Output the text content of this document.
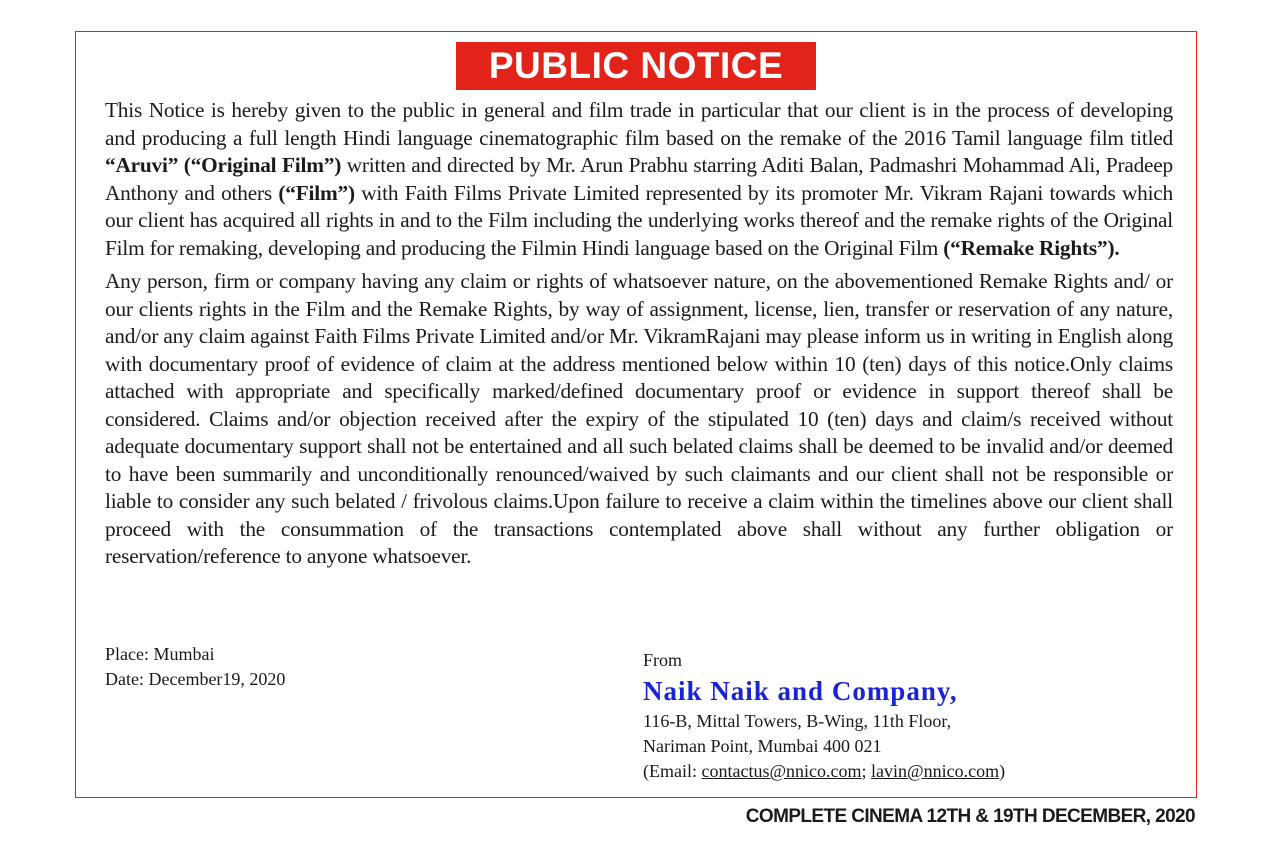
PUBLIC NOTICE

This Notice is hereby given to the public in general and film trade in particular that our client is in the process of developing and producing a full length Hindi language cinematographic film based on the remake of the 2016 Tamil language film titled “Aruvi” (“Original Film”) written and directed by Mr. Arun Prabhu starring Aditi Balan, Padmashri Mohammad Ali, Pradeep Anthony and others (“Film”) with Faith Films Private Limited represented by its promoter Mr. Vikram Rajani towards which our client has acquired all rights in and to the Film including the underlying works thereof and the remake rights of the Original Film for remaking, developing and producing the Filmin Hindi language based on the Original Film (“Remake Rights”).

Any person, firm or company having any claim or rights of whatsoever nature, on the abovementioned Remake Rights and/ or our clients rights in the Film and the Remake Rights, by way of assignment, license, lien, transfer or reservation of any nature, and/or any claim against Faith Films Private Limited and/or Mr. VikramRajani may please inform us in writing in English along with documentary proof of evidence of claim at the address mentioned below within 10 (ten) days of this notice.Only claims attached with appropriate and specifically marked/defined documentary proof or evidence in support thereof shall be considered. Claims and/or objection received after the expiry of the stipulated 10 (ten) days and claim/s received without adequate documentary support shall not be entertained and all such belated claims shall be deemed to be invalid and/or deemed to have been summarily and unconditionally renounced/waived by such claimants and our client shall not be responsible or liable to consider any such belated / frivolous claims.Upon failure to receive a claim within the timelines above our client shall proceed with the consummation of the transactions contemplated above shall without any further obligation or reservation/reference to anyone whatsoever.

Place: Mumbai
Date: December19, 2020
From
Naik Naik and Company,
116-B, Mittal Towers, B-Wing, 11th Floor,
Nariman Point, Mumbai 400 021
(Email: contactus@nnico.com; lavin@nnico.com)
COMPLETE CINEMA 12TH & 19TH DECEMBER, 2020
